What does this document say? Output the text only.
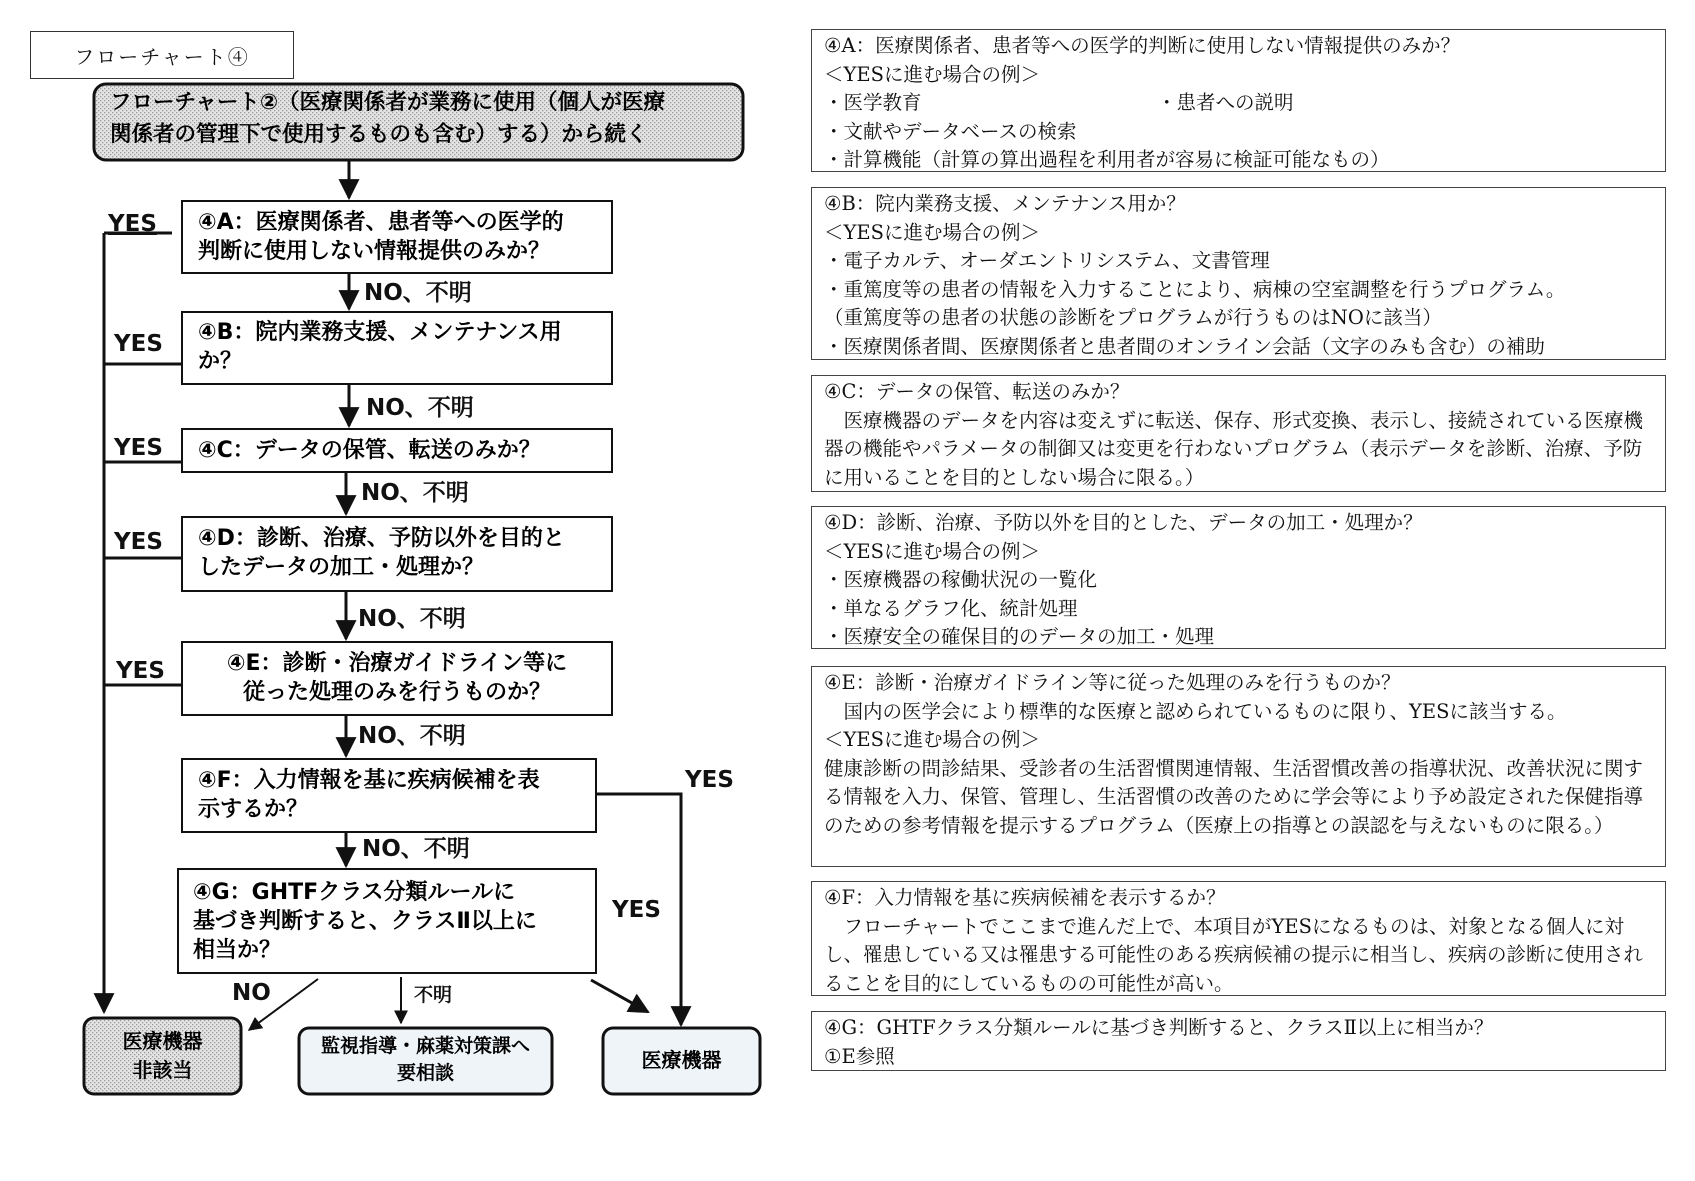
フローチャート④
フローチャート②（医療関係者が業務に使用（個人が医療
関係者の管理下で使用するものも含む）する）から続く
④A：医療関係者、患者等への医学的
判断に使用しない情報提供のみか？
④B：院内業務支援、メンテナンス用
か？
④C：データの保管、転送のみか？
④D：診断、治療、予防以外を目的と
したデータの加工・処理か？
④E：診断・治療ガイドライン等に
従った処理のみを行うものか？
④F：入力情報を基に疾病候補を表
示するか？
④G：GHTFクラス分類ルールに
基づき判断すると、クラスⅡ以上に
相当か？
医療機器
非該当
監視指導・麻薬対策課へ
要相談
医療機器
YES
YES
YES
YES
YES
YES
YES
NO、不明
NO、不明
NO、不明
NO、不明
NO、不明
NO、不明
NO	不明
④A：医療関係者、患者等への医学的判断に使用しない情報提供のみか？
＜YESに進む場合の例＞
・医学教育	・患者への説明
・文献やデータベースの検索
・計算機能（計算の算出過程を利用者が容易に検証可能なもの）
④B：院内業務支援、メンテナンス用か？
＜YESに進む場合の例＞
・電子カルテ、オーダエントリシステム、文書管理
・重篤度等の患者の情報を入力することにより、病棟の空室調整を行うプログラム。
（重篤度等の患者の状態の診断をプログラムが行うものはNOに該当）
・医療関係者間、医療関係者と患者間のオンライン会話（文字のみも含む）の補助
④C：データの保管、転送のみか？
　医療機器のデータを内容は変えずに転送、保存、形式変換、表示し、接続されている医療機器の機能やパラメータの制御又は変更を行わないプログラム（表示データを診断、治療、予防に用いることを目的としない場合に限る。）
④D：診断、治療、予防以外を目的とした、データの加工・処理か？
＜YESに進む場合の例＞
・医療機器の稼働状況の一覧化
・単なるグラフ化、統計処理
・医療安全の確保目的のデータの加工・処理
④E：診断・治療ガイドライン等に従った処理のみを行うものか？
　国内の医学会により標準的な医療と認められているものに限り、YESに該当する。
＜YESに進む場合の例＞
健康診断の問診結果、受診者の生活習慣関連情報、生活習慣改善の指導状況、改善状況に関する情報を入力、保管、管理し、生活習慣の改善のために学会等により予め設定された保健指導のための参考情報を提示するプログラム（医療上の指導との誤認を与えないものに限る。）
④F：入力情報を基に疾病候補を表示するか？
　フローチャートでここまで進んだ上で、本項目がYESになるものは、対象となる個人に対し、罹患している又は罹患する可能性のある疾病候補の提示に相当し、疾病の診断に使用されることを目的にしているものの可能性が高い。
④G：GHTFクラス分類ルールに基づき判断すると、クラスⅡ以上に相当か？
①E参照
